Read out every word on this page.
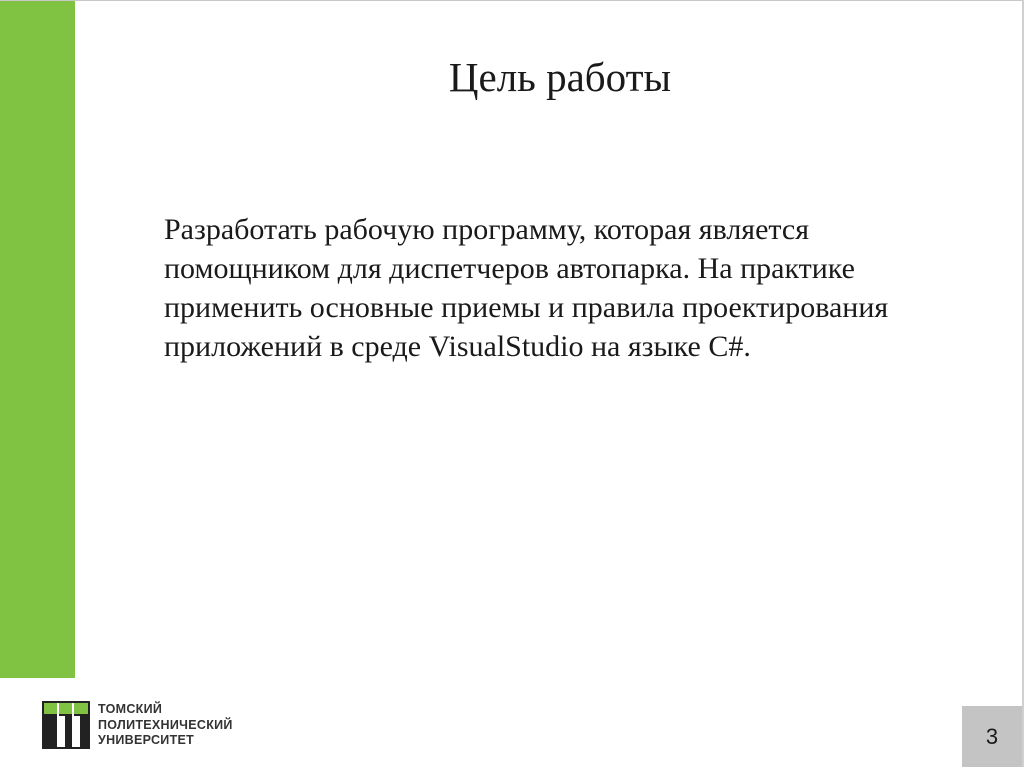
Цель работы
Разработать рабочую программу, которая является
помощником для диспетчеров автопарка. На практике
применить основные приемы и правила проектирования
приложений в среде VisualStudio на языке C#.
ТОМСКИЙ
ПОЛИТЕХНИЧЕСКИЙ
УНИВЕРСИТЕТ	3
